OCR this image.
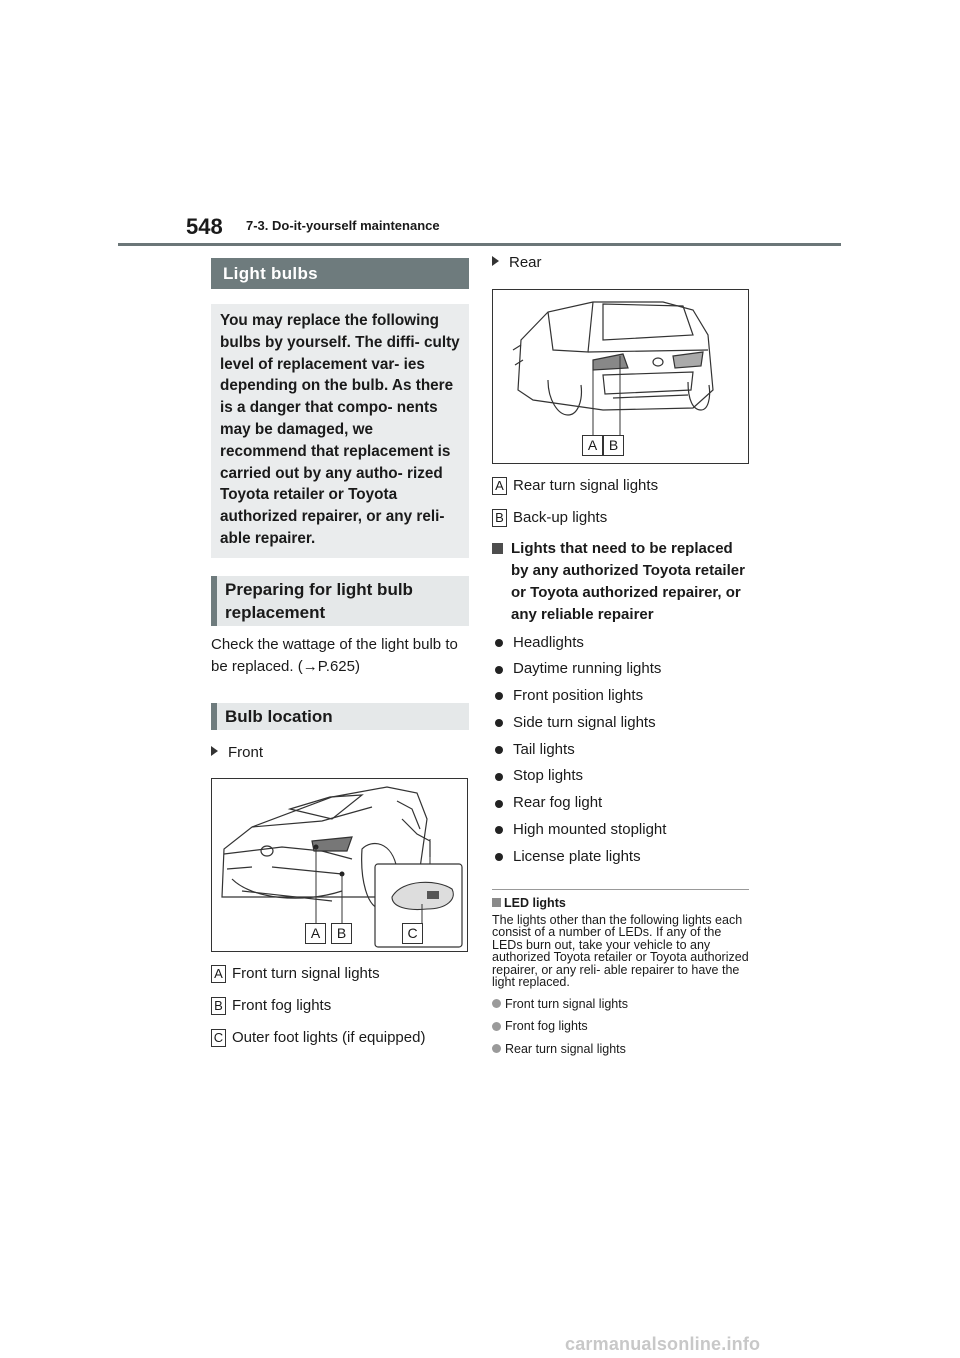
548 7-3. Do-it-yourself maintenance
Light bulbs
You may replace the following bulbs by yourself. The diffi- culty level of replacement var- ies depending on the bulb. As there is a danger that compo- nents may be damaged, we recommend that replacement is carried out by any autho- rized Toyota retailer or Toyota authorized repairer, or any reli- able repairer.
Preparing for light bulb replacement
Check the wattage of the light bulb to be replaced. (→P.625)
Bulb location
Front
A	B	C
A Front turn signal lights
B Front fog lights
C Outer foot lights (if equipped)
Rear
A B
A Rear turn signal lights
B Back-up lights
Lights that need to be replaced by any authorized Toyota retailer or Toyota authorized repairer, or any reliable repairer
Headlights
Daytime running lights
Front position lights
Side turn signal lights
Tail lights
Stop lights
Rear fog light
High mounted stoplight
License plate lights
LED lights
The lights other than the following lights each consist of a number of LEDs. If any of the LEDs burn out, take your vehicle to any authorized Toyota retailer or Toyota authorized repairer, or any reli- able repairer to have the light replaced.
Front turn signal lights
Front fog lights
Rear turn signal lights
carmanualsonline.info
